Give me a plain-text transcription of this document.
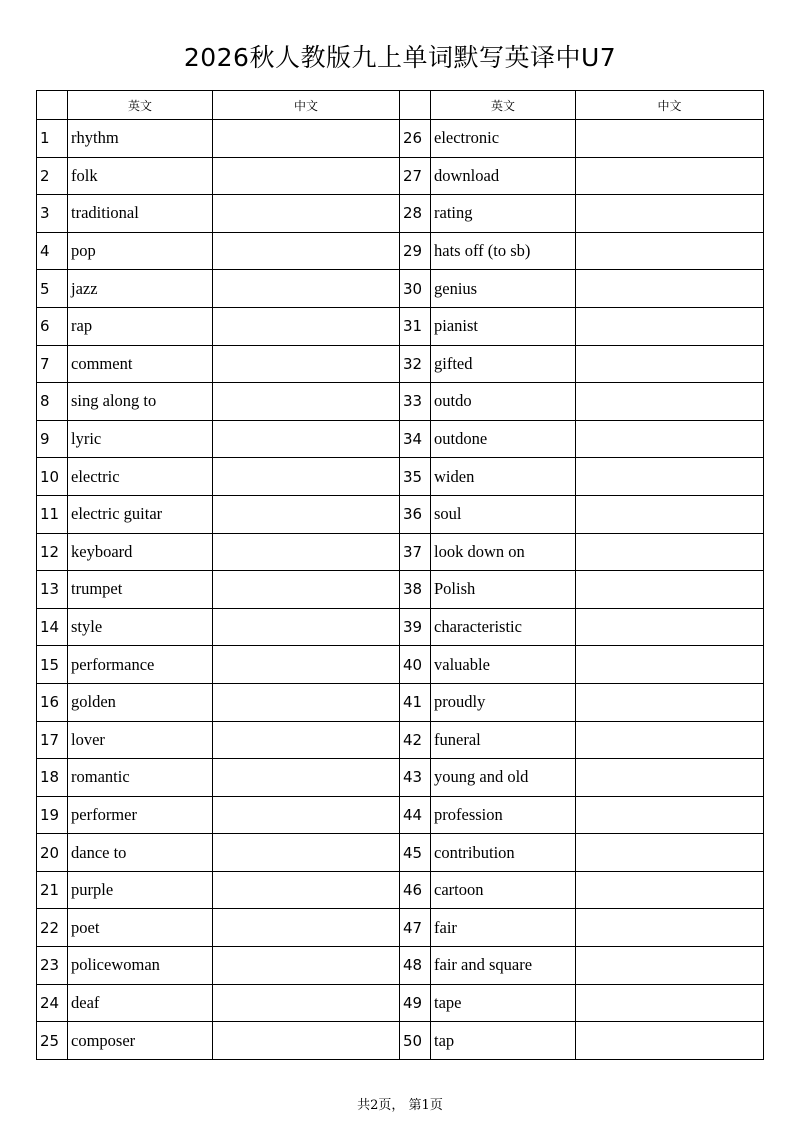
2026秋人教版九上单词默写英译中U7
	英文	中文		英文	中文
1	rhythm		26	electronic	
2	folk		27	download	
3	traditional		28	rating	
4	pop		29	hats off (to sb)	
5	jazz		30	genius	
6	rap		31	pianist	
7	comment		32	gifted	
8	sing along to		33	outdo	
9	lyric		34	outdone	
10	electric		35	widen	
11	electric guitar		36	soul	
12	keyboard		37	look down on	
13	trumpet		38	Polish	
14	style		39	characteristic	
15	performance		40	valuable	
16	golden		41	proudly	
17	lover		42	funeral	
18	romantic		43	young and old	
19	performer		44	profession	
20	dance to		45	contribution	
21	purple		46	cartoon	
22	poet		47	fair	
23	policewoman		48	fair and square	
24	deaf		49	tape	
25	composer		50	tap	
共2页， 第1页
